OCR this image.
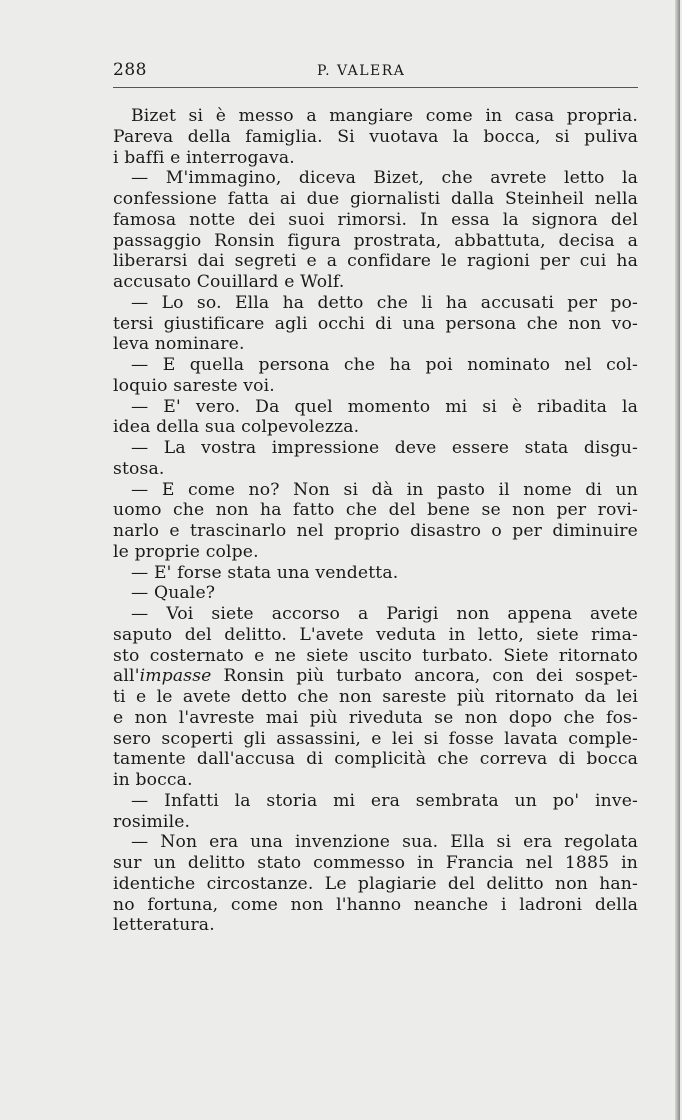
288	P. VALERA
Bizet si è messo a mangiare come in casa propria.
Pareva della famiglia. Si vuotava la bocca, si puliva
i baffi e interrogava.
— M'immagino, diceva Bizet, che avrete letto la
confessione fatta ai due giornalisti dalla Steinheil nella
famosa notte dei suoi rimorsi. In essa la signora del
passaggio Ronsin figura prostrata, abbattuta, decisa a
liberarsi dai segreti e a confidare le ragioni per cui ha
accusato Couillard e Wolf.
— Lo so. Ella ha detto che li ha accusati per po-
tersi giustificare agli occhi di una persona che non vo-
leva nominare.
— E quella persona che ha poi nominato nel col-
loquio sareste voi.
— E' vero. Da quel momento mi si è ribadita la
idea della sua colpevolezza.
— La vostra impressione deve essere stata disgu-
stosa.
— E come no? Non si dà in pasto il nome di un
uomo che non ha fatto che del bene se non per rovi-
narlo e trascinarlo nel proprio disastro o per diminuire
le proprie colpe.
— E' forse stata una vendetta.
— Quale?
— Voi siete accorso a Parigi non appena avete
saputo del delitto. L'avete veduta in letto, siete rima-
sto costernato e ne siete uscito turbato. Siete ritornato
all'impasse Ronsin più turbato ancora, con dei sospet-
ti e le avete detto che non sareste più ritornato da lei
e non l'avreste mai più riveduta se non dopo che fos-
sero scoperti gli assassini, e lei si fosse lavata comple-
tamente dall'accusa di complicità che correva di bocca
in bocca.
— Infatti la storia mi era sembrata un po' inve-
rosimile.
— Non era una invenzione sua. Ella si era regolata
sur un delitto stato commesso in Francia nel 1885 in
identiche circostanze. Le plagiarie del delitto non han-
no fortuna, come non l'hanno neanche i ladroni della
letteratura.
